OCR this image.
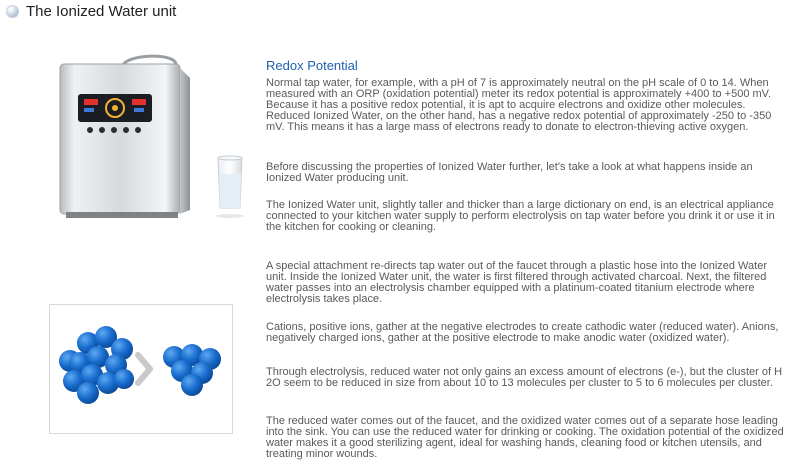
The Ionized Water unit
Redox Potential

Normal tap water, for example, with a pH of 7 is approximately neutral on the pH scale of 0 to 14. When measured with an ORP (oxidation potential) meter its redox potential is approximately +400 to +500 mV. Because it has a positive redox potential, it is apt to acquire electrons and oxidize other molecules. Reduced Ionized Water, on the other hand, has a negative redox potential of approximately -250 to -350 mV. This means it has a large mass of electrons ready to donate to electron-thieving active oxygen.

Before discussing the properties of Ionized Water further, let's take a look at what happens inside an Ionized Water producing unit.

The Ionized Water unit, slightly taller and thicker than a large dictionary on end, is an electrical appliance connected to your kitchen water supply to perform electrolysis on tap water before you drink it or use it in the kitchen for cooking or cleaning.

A special attachment re-directs tap water out of the faucet through a plastic hose into the Ionized Water unit. Inside the Ionized Water unit, the water is first filtered through activated charcoal. Next, the filtered water passes into an electrolysis chamber equipped with a platinum-coated titanium electrode where electrolysis takes place.

Cations, positive ions, gather at the negative electrodes to create cathodic water (reduced water). Anions, negatively charged ions, gather at the positive electrode to make anodic water (oxidized water).

Through electrolysis, reduced water not only gains an excess amount of electrons (e-), but the cluster of H 2O seem to be reduced in size from about 10 to 13 molecules per cluster to 5 to 6 molecules per cluster.

The reduced water comes out of the faucet, and the oxidized water comes out of a separate hose leading into the sink. You can use the reduced water for drinking or cooking. The oxidation potential of the oxidized water makes it a good sterilizing agent, ideal for washing hands, cleaning food or kitchen utensils, and treating minor wounds.
